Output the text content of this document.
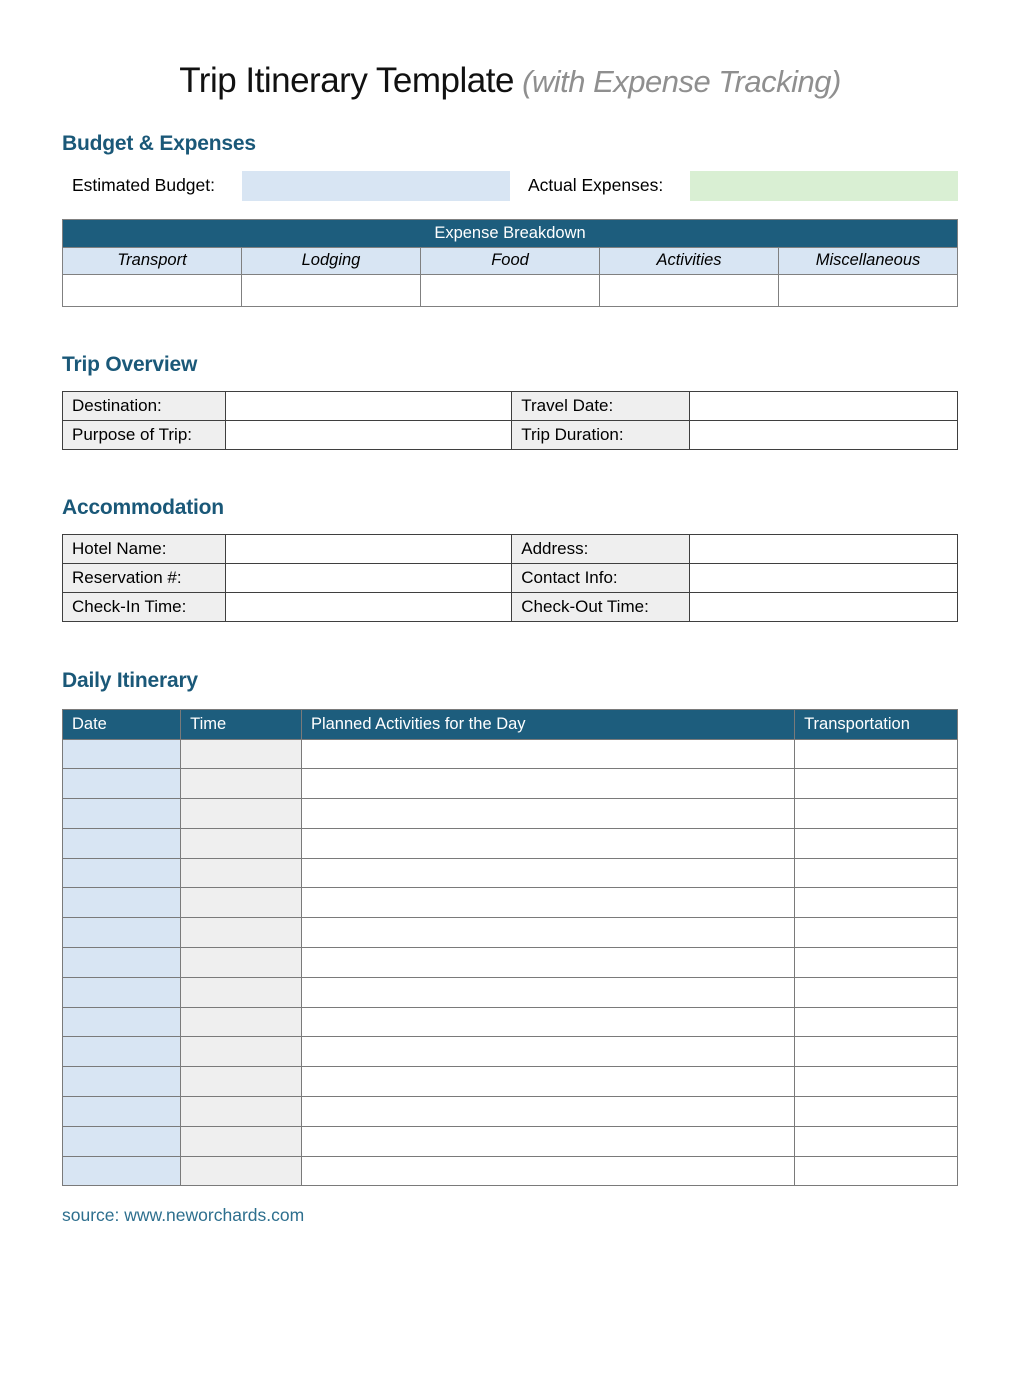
Trip Itinerary Template (with Expense Tracking)
Budget & Expenses
Estimated Budget:	Actual Expenses:
Expense Breakdown				
Transport	Lodging	Food	Activities	Miscellaneous

Trip Overview
Destination:		Travel Date:	
Purpose of Trip:		Trip Duration:	
Accommodation
Hotel Name:		Address:	
Reservation #:		Contact Info:	
Check-In Time:		Check-Out Time:	
Daily Itinerary
Date	Time	Planned Activities for the Day	Transportation

source: www.neworchards.com
